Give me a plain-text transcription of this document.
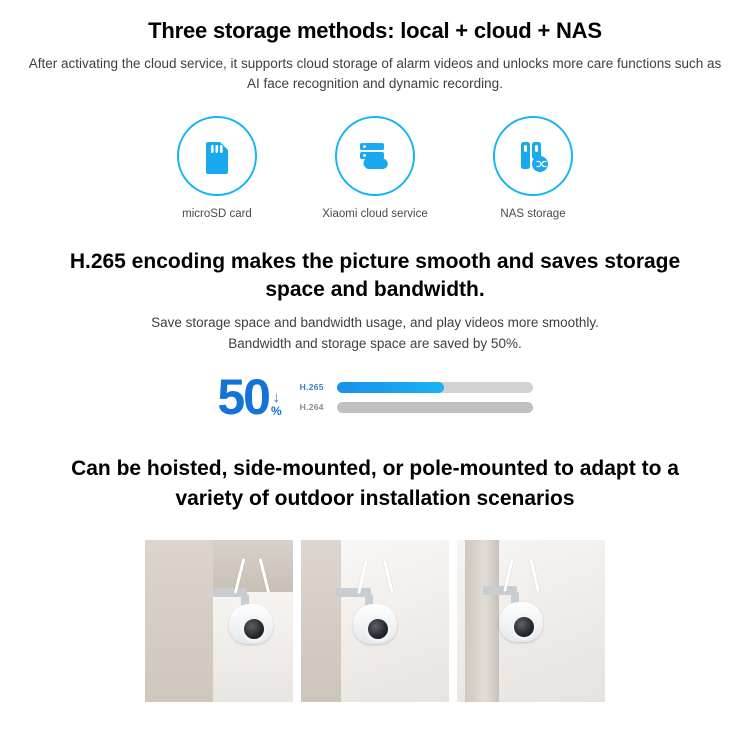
Three storage methods: local + cloud + NAS
After activating the cloud service, it supports cloud storage of alarm videos and unlocks more care functions such as AI face recognition and dynamic recording.
microSD card	Xiaomi cloud service	NAS storage
H.265 encoding makes the picture smooth and saves storage space and bandwidth.
Save storage space and bandwidth usage, and play videos more smoothly.
Bandwidth and storage space are saved by 50%.
50 ↓
%
H.265
H.264
Can be hoisted, side-mounted, or pole-mounted to adapt to a variety of outdoor installation scenarios
